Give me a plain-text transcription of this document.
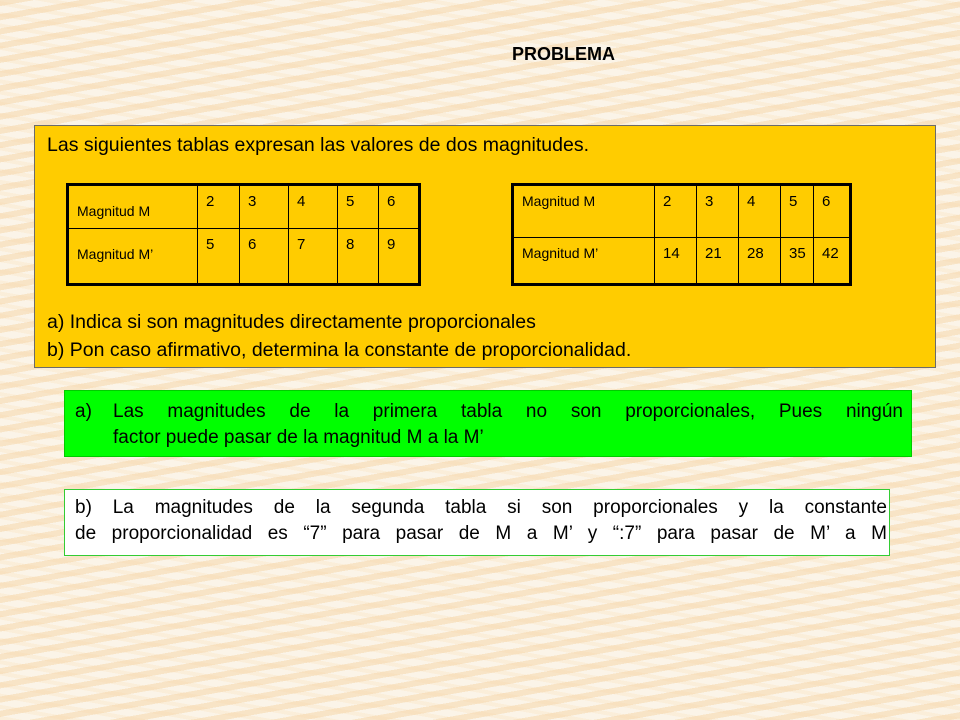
PROBLEMA
Las siguientes tablas expresan las valores de dos magnitudes.
Magnitud M	2	3	4	5	6
Magnitud M’	5	6	7	8	9
Magnitud M	2	3	4	5	6
Magnitud M’	14	21	28	35	42
a) Indica si son magnitudes directamente proporcionales
b) Pon caso afirmativo, determina la constante de proporcionalidad.
a) Las magnitudes de la primera tabla no son proporcionales, Pues ningún
factor puede pasar de la magnitud M a la M’
b) La magnitudes de la segunda tabla si son proporcionales y la constante
de proporcionalidad es “7” para pasar de M a M’ y “:7” para pasar de M’ a M
